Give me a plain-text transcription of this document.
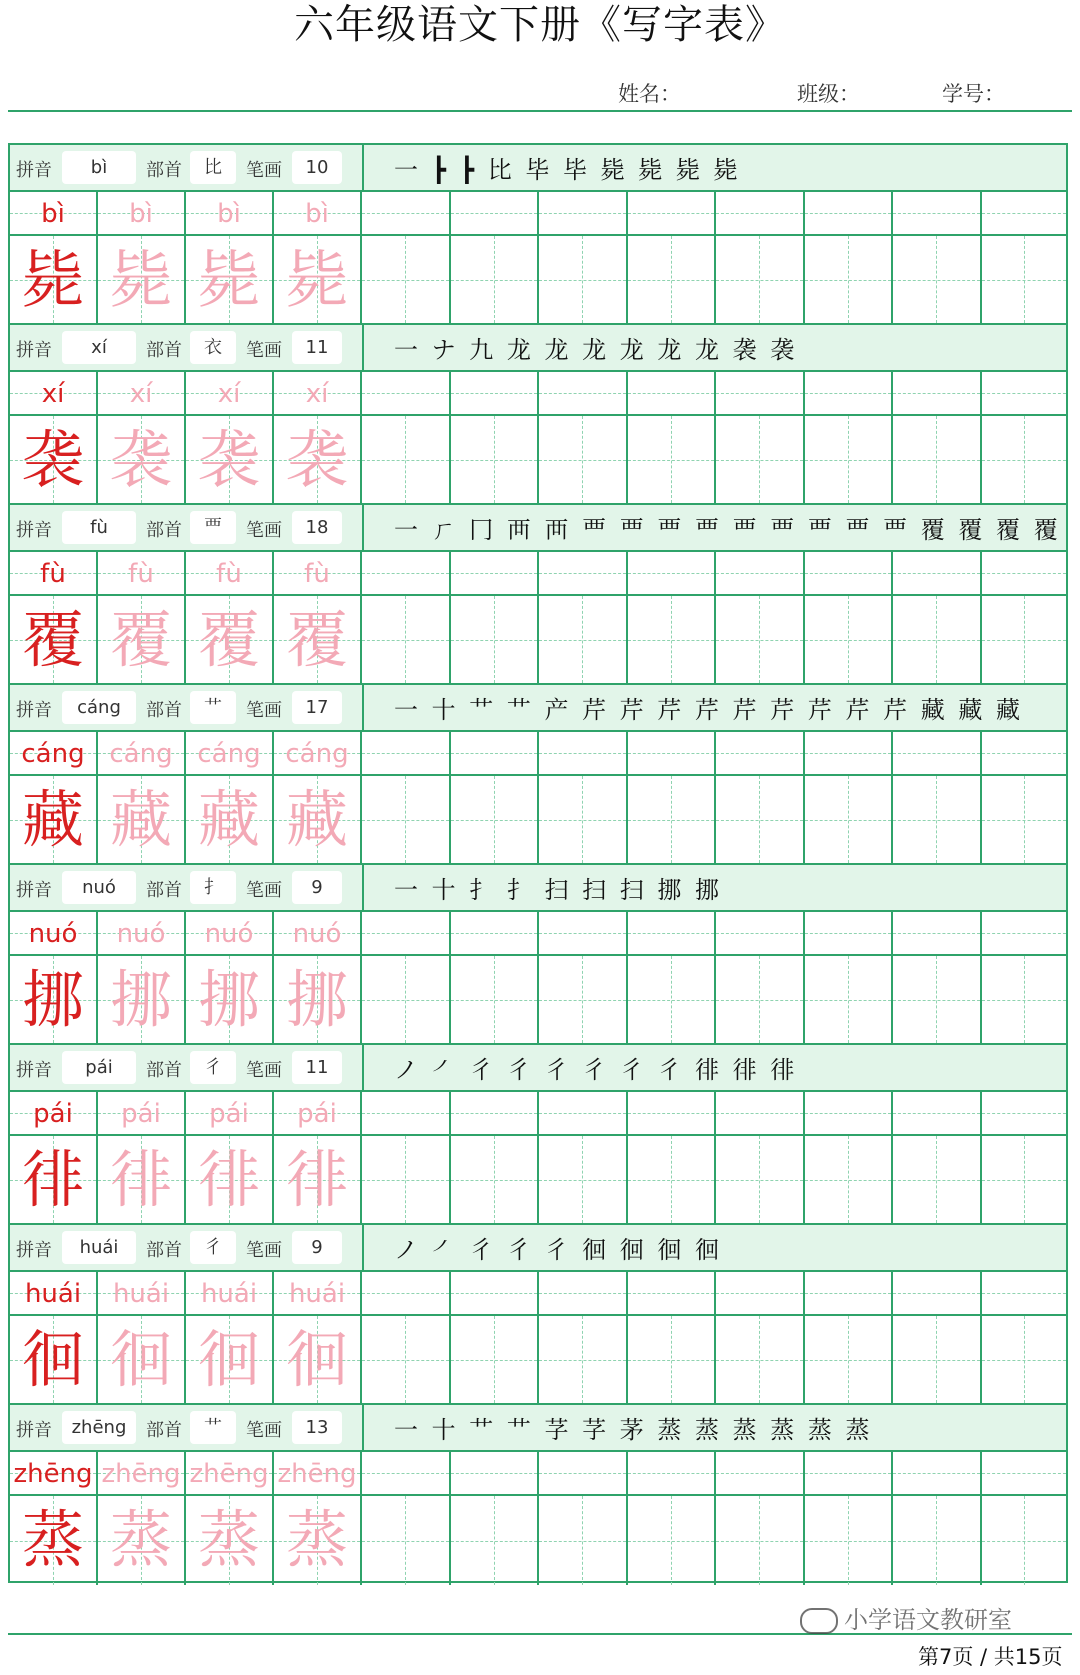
六年级语文下册《写字表》
姓名：	班级：	学号：
拼音	bì	部首	比	笔画	10	一 ┣ ┣ 比 毕 毕 毙 毙 毙 毙
bì	bì	bì	bì
毙 毙 毙 毙
拼音	xí	部首	衣	笔画	11	一 ナ 九 龙 龙 龙 龙 龙 龙 袭 袭
xí	xí	xí	xí
袭 袭 袭 袭
拼音	fù	部首	覀	笔画	18	一 ㄏ 冂 襾 襾 覀 覀 覀 覀 覀 覀 覀 覀 覀 覆 覆 覆 覆
fù	fù	fù	fù
覆 覆 覆 覆
拼音	cáng	部首	艹	笔画	17	一 十 艹 艹 产 芹 芹 芹 芹 芹 芹 芹 芹 芹 藏 藏 藏
cáng cáng cáng cáng
藏 藏 藏 藏
拼音	nuó	部首	扌	笔画	9	一 十 扌 扌 扫 扫 扫 挪 挪
nuó	nuó	nuó	nuó
挪 挪 挪 挪
拼音	pái	部首	彳	笔画	11	ノ ㇒ 彳 彳 彳 彳 彳 彳 徘 徘 徘
pái	pái	pái	pái
徘 徘 徘 徘
拼音	huái	部首	彳	笔画	9	ノ ㇒ 彳 彳 彳 徊 徊 徊 徊
huái	huái	huái	huái
徊 徊 徊 徊
拼音	zhēng	部首	艹	笔画	13	一 十 艹 艹 芓 芓 茅 蒸 蒸 蒸 蒸 蒸 蒸
zhēng zhēng zhēng zhēng
蒸 蒸 蒸 蒸
小学语文教研室
第7页 / 共15页
